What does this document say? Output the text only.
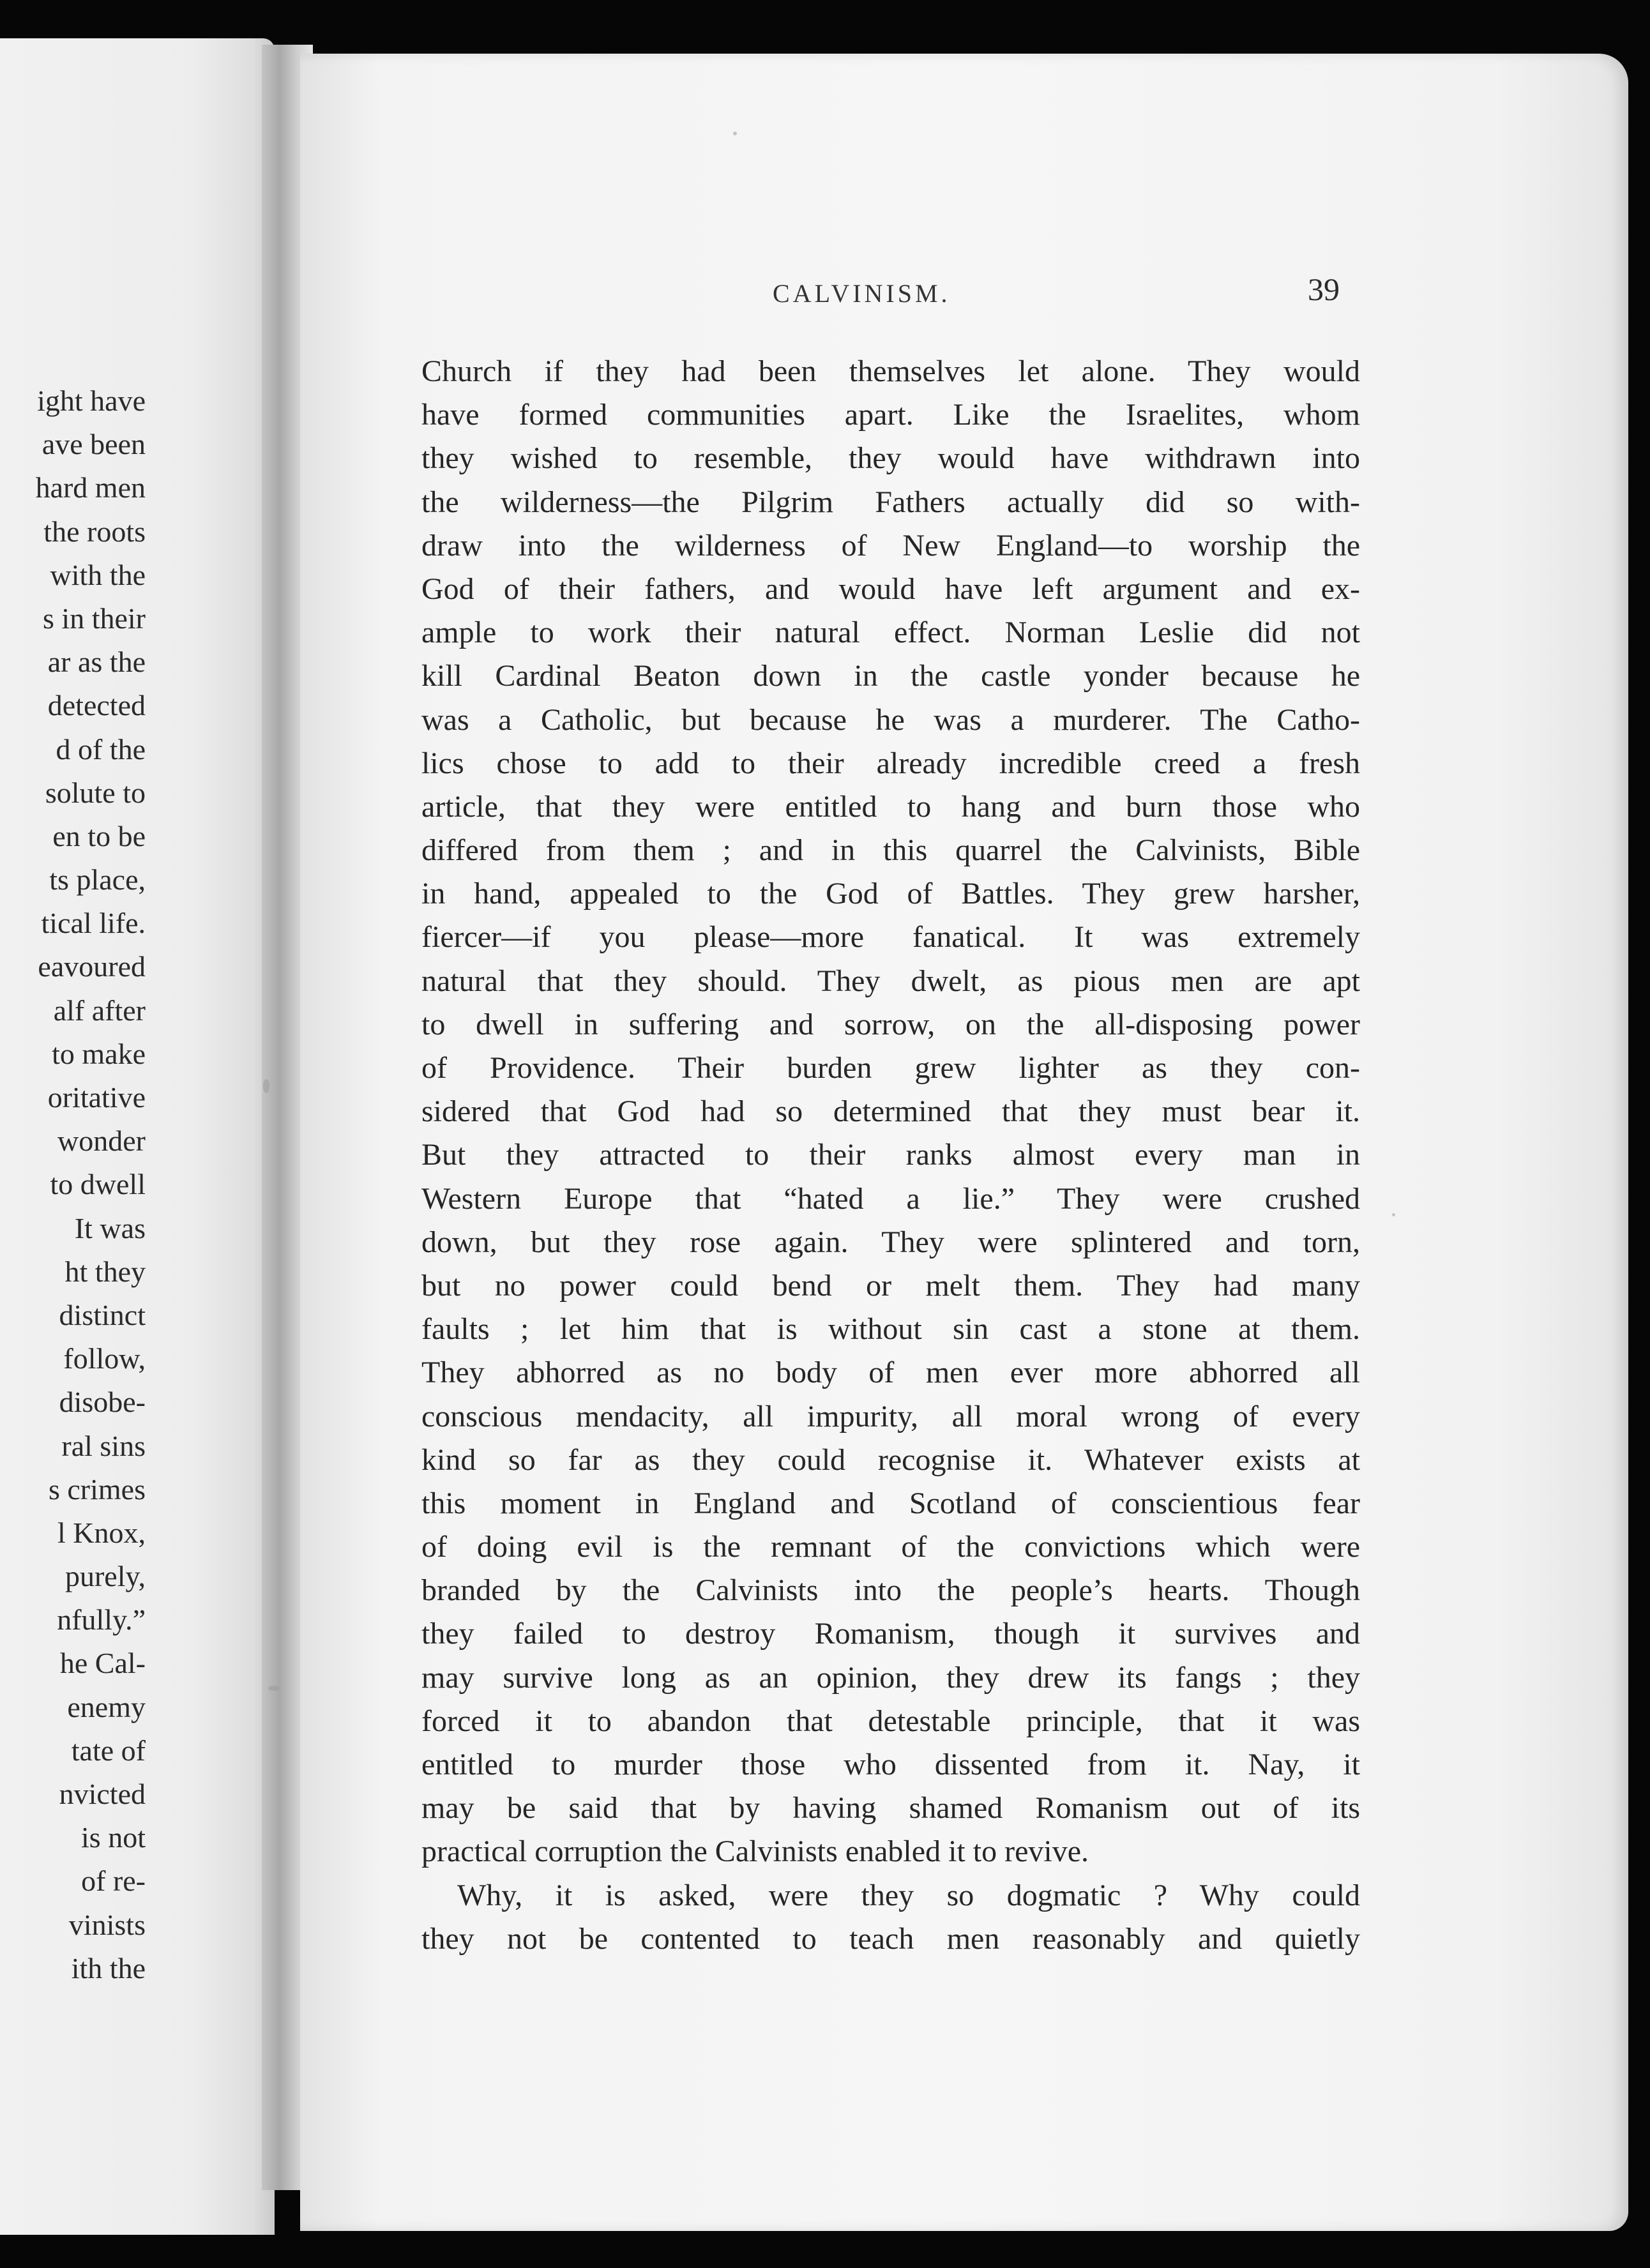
ight have
ave been
hard men
the roots
with the
s in their
ar as the
detected
d of the
solute to
en to be
ts place,
tical life.
eavoured
alf after
to make
oritative
wonder
to dwell
It was
ht they
distinct
follow,
disobe-
ral sins
s crimes
l Knox,
purely,
nfully.”
he Cal-
enemy
tate of
nvicted
is not
of re-
vinists
ith the
CALVINISM.	39
Church if they had been themselves let alone. They would
have formed communities apart. Like the Israelites, whom
they wished to resemble, they would have withdrawn into
the wilderness—the Pilgrim Fathers actually did so with-
draw into the wilderness of New England—to worship the
God of their fathers, and would have left argument and ex-
ample to work their natural effect. Norman Leslie did not
kill Cardinal Beaton down in the castle yonder because he
was a Catholic, but because he was a murderer. The Catho-
lics chose to add to their already incredible creed a fresh
article, that they were entitled to hang and burn those who
differed from them ; and in this quarrel the Calvinists, Bible
in hand, appealed to the God of Battles. They grew harsher,
fiercer—if you please—more fanatical. It was extremely
natural that they should. They dwelt, as pious men are apt
to dwell in suffering and sorrow, on the all-disposing power
of Providence. Their burden grew lighter as they con-
sidered that God had so determined that they must bear it.
But they attracted to their ranks almost every man in
Western Europe that “hated a lie.” They were crushed
down, but they rose again. They were splintered and torn,
but no power could bend or melt them. They had many
faults ; let him that is without sin cast a stone at them.
They abhorred as no body of men ever more abhorred all
conscious mendacity, all impurity, all moral wrong of every
kind so far as they could recognise it. Whatever exists at
this moment in England and Scotland of conscientious fear
of doing evil is the remnant of the convictions which were
branded by the Calvinists into the people’s hearts. Though
they failed to destroy Romanism, though it survives and
may survive long as an opinion, they drew its fangs ; they
forced it to abandon that detestable principle, that it was
entitled to murder those who dissented from it. Nay, it
may be said that by having shamed Romanism out of its
practical corruption the Calvinists enabled it to revive.
Why, it is asked, were they so dogmatic ? Why could
they not be contented to teach men reasonably and quietly
